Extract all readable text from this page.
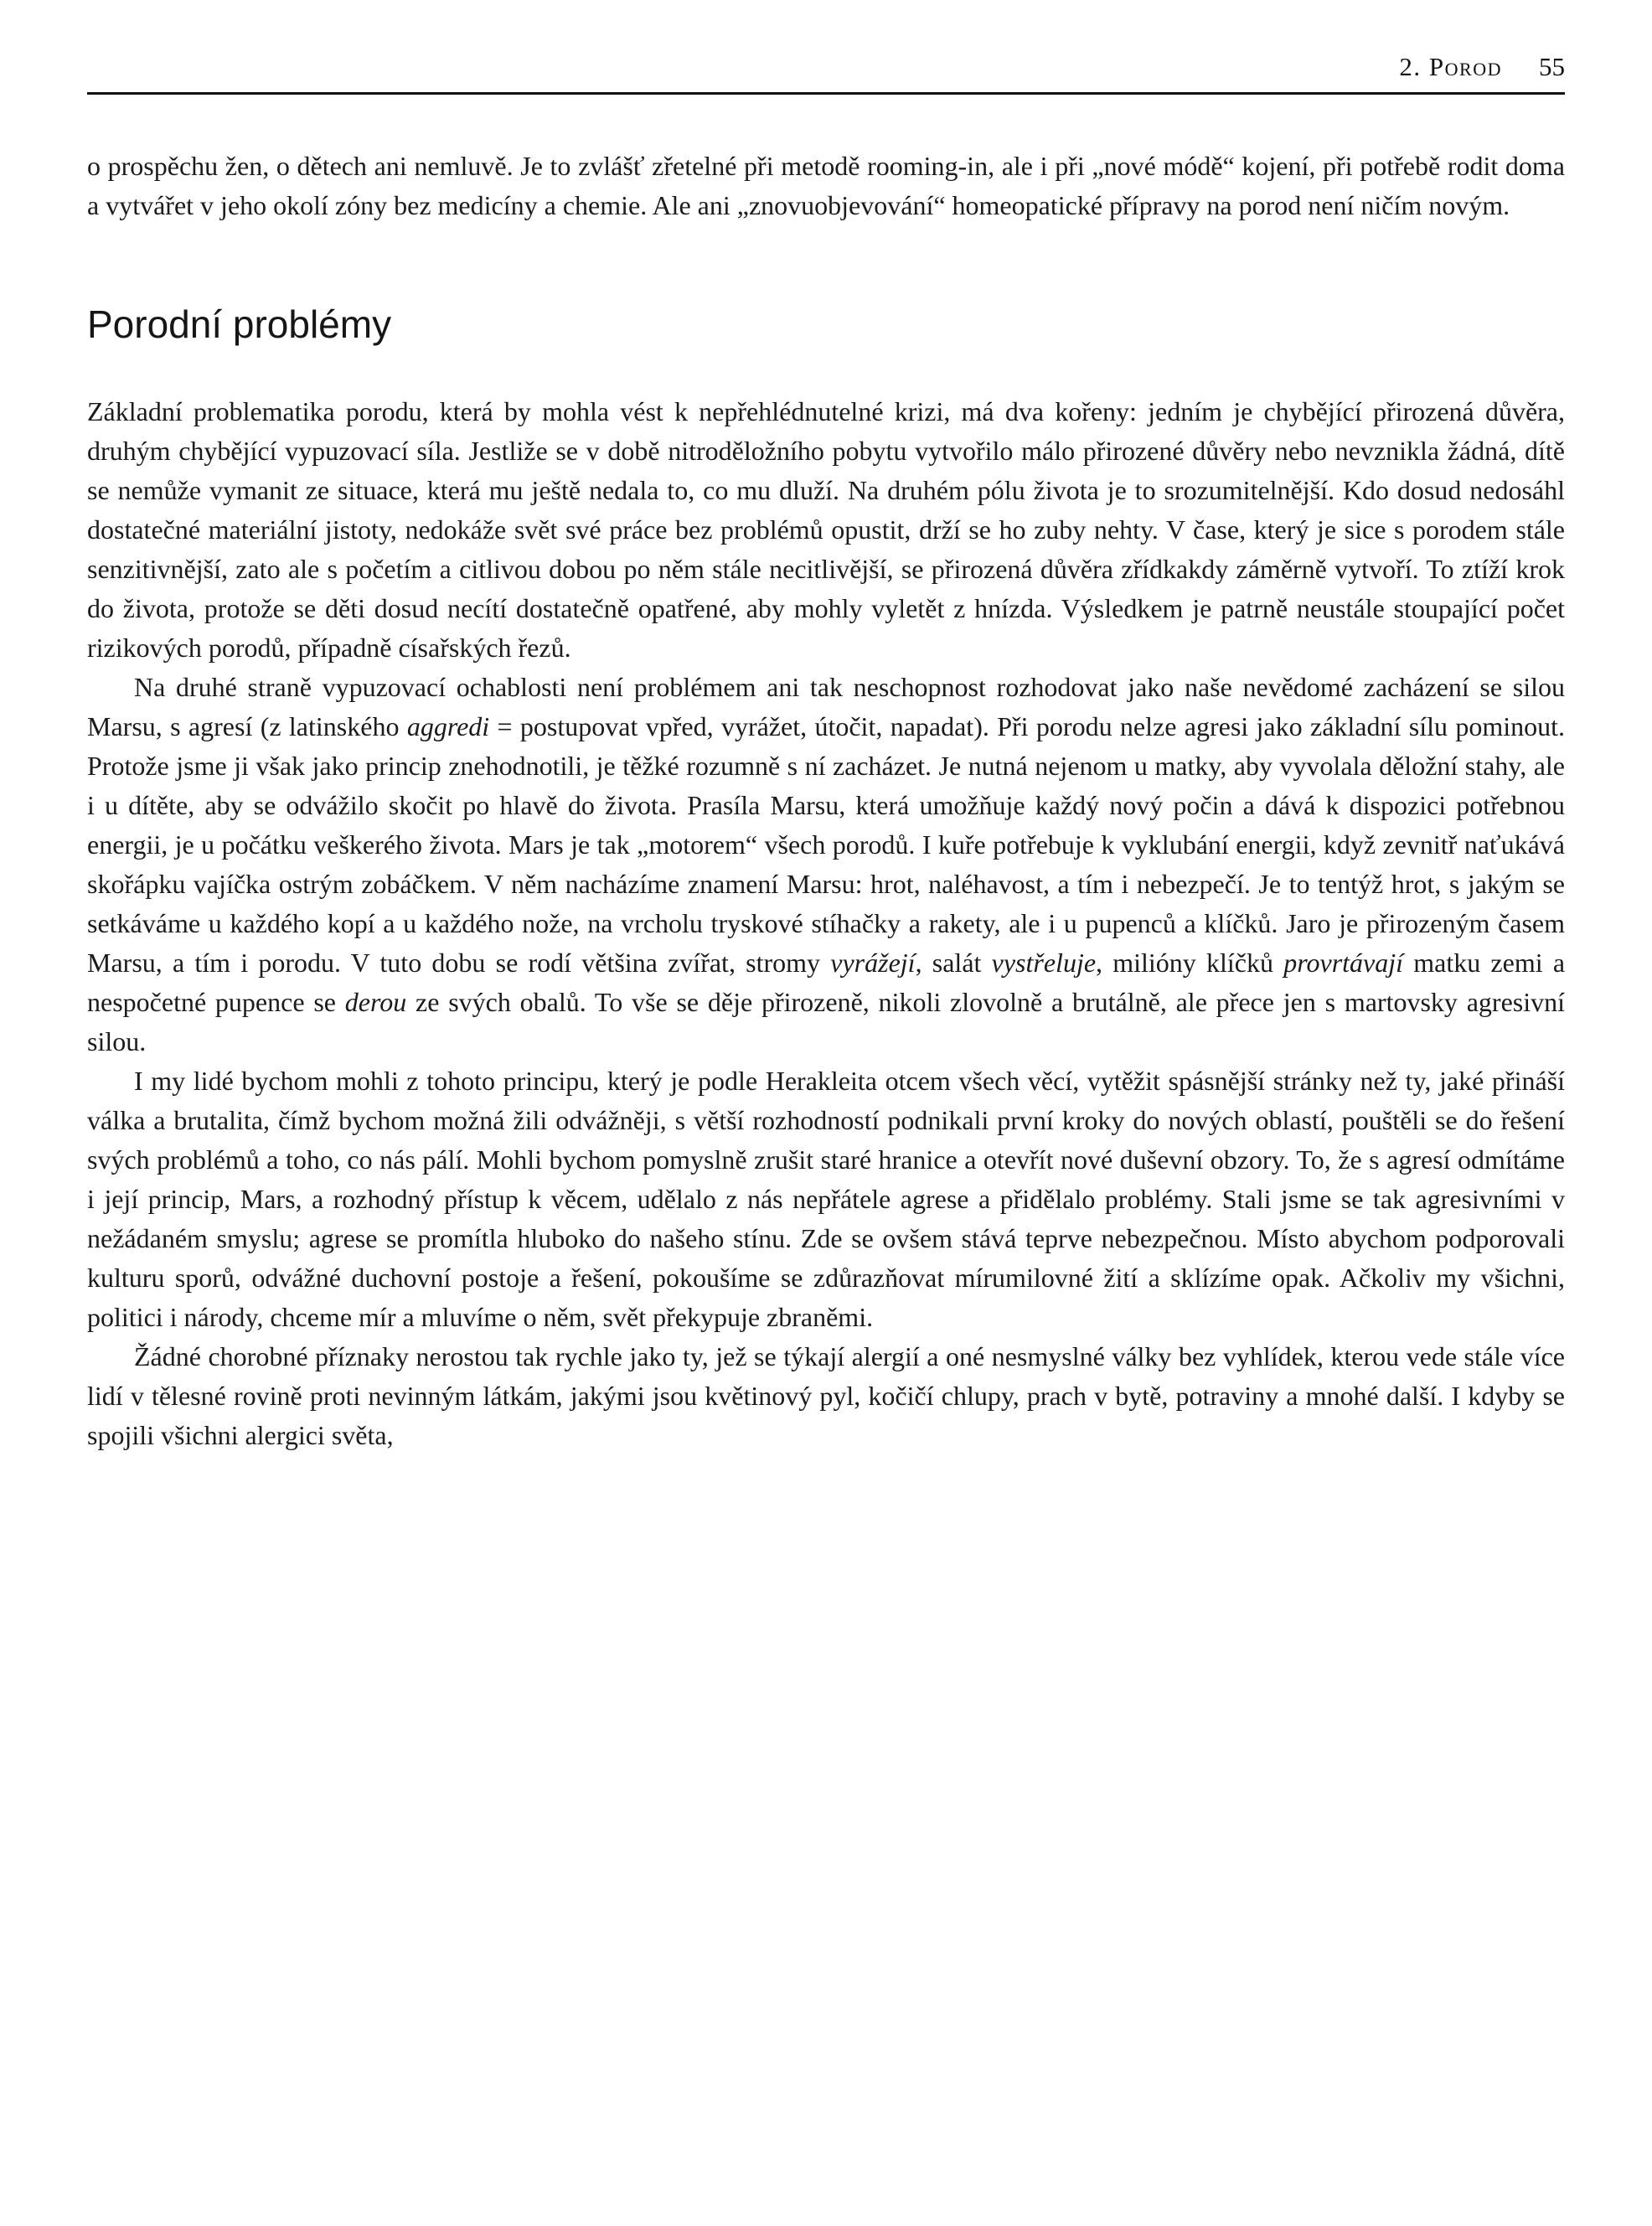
2. Porod 55

o prospěchu žen, o dětech ani nemluvě. Je to zvlášť zřetelné při metodě rooming-in, ale i při „nové módě“ kojení, při potřebě rodit doma a vytvářet v jeho okolí zóny bez medicíny a chemie. Ale ani „znovuobjevování“ homeopatické přípravy na porod není ničím novým.

Porodní problémy

Základní problematika porodu, která by mohla vést k nepřehlédnutelné krizi, má dva kořeny: jedním je chybějící přirozená důvěra, druhým chybějící vypuzovací síla. Jestliže se v době nitroděložního pobytu vytvořilo málo přirozené důvěry nebo nevznikla žádná, dítě se nemůže vymanit ze situace, která mu ještě nedala to, co mu dluží. Na druhém pólu života je to srozumitelnější. Kdo dosud nedosáhl dostatečné materiální jistoty, nedokáže svět své práce bez problémů opustit, drží se ho zuby nehty. V čase, který je sice s porodem stále senzitivnější, zato ale s početím a citlivou dobou po něm stále necitlivější, se přirozená důvěra zřídkakdy záměrně vytvoří. To ztíží krok do života, protože se děti dosud necítí dostatečně opatřené, aby mohly vyletět z hnízda. Výsledkem je patrně neustále stoupající počet rizikových porodů, případně císařských řezů.

Na druhé straně vypuzovací ochablosti není problémem ani tak neschopnost rozhodovat jako naše nevědomé zacházení se silou Marsu, s agresí (z latinského aggredi = postupovat vpřed, vyrážet, útočit, napadat). Při porodu nelze agresi jako základní sílu pominout. Protože jsme ji však jako princip znehodnotili, je těžké rozumně s ní zacházet. Je nutná nejenom u matky, aby vyvolala děložní stahy, ale i u dítěte, aby se odvážilo skočit po hlavě do života. Prasíla Marsu, která umožňuje každý nový počin a dává k dispozici potřebnou energii, je u počátku veškerého života. Mars je tak „motorem“ všech porodů. I kuře potřebuje k vyklubání energii, když zevnitř naťukává skořápku vajíčka ostrým zobáčkem. V něm nacházíme znamení Marsu: hrot, naléhavost, a tím i nebezpečí. Je to tentýž hrot, s jakým se setkáváme u každého kopí a u každého nože, na vrcholu tryskové stíhačky a rakety, ale i u pupenců a klíčků. Jaro je přirozeným časem Marsu, a tím i porodu. V tuto dobu se rodí většina zvířat, stromy vyrážejí, salát vystřeluje, milióny klíčků provrtávají matku zemi a nespočetné pupence se derou ze svých obalů. To vše se děje přirozeně, nikoli zlovolně a brutálně, ale přece jen s martovsky agresivní silou.

I my lidé bychom mohli z tohoto principu, který je podle Herakleita otcem všech věcí, vytěžit spásnější stránky než ty, jaké přináší válka a brutalita, čímž bychom možná žili odvážněji, s větší rozhodností podnikali první kroky do nových oblastí, pouštěli se do řešení svých problémů a toho, co nás pálí. Mohli bychom pomyslně zrušit staré hranice a otevřít nové duševní obzory. To, že s agresí odmítáme i její princip, Mars, a rozhodný přístup k věcem, udělalo z nás nepřátele agrese a přidělalo problémy. Stali jsme se tak agresivními v nežádaném smyslu; agrese se promítla hluboko do našeho stínu. Zde se ovšem stává teprve nebezpečnou. Místo abychom podporovali kulturu sporů, odvážné duchovní postoje a řešení, pokoušíme se zdůrazňovat mírumilovné žití a sklízíme opak. Ačkoliv my všichni, politici i národy, chceme mír a mluvíme o něm, svět překypuje zbraněmi.

Žádné chorobné příznaky nerostou tak rychle jako ty, jež se týkají alergií a oné nesmyslné války bez vyhlídek, kterou vede stále více lidí v tělesné rovině proti nevinným látkám, jakými jsou květinový pyl, kočičí chlupy, prach v bytě, potraviny a mnohé další. I kdyby se spojili všichni alergici světa,
